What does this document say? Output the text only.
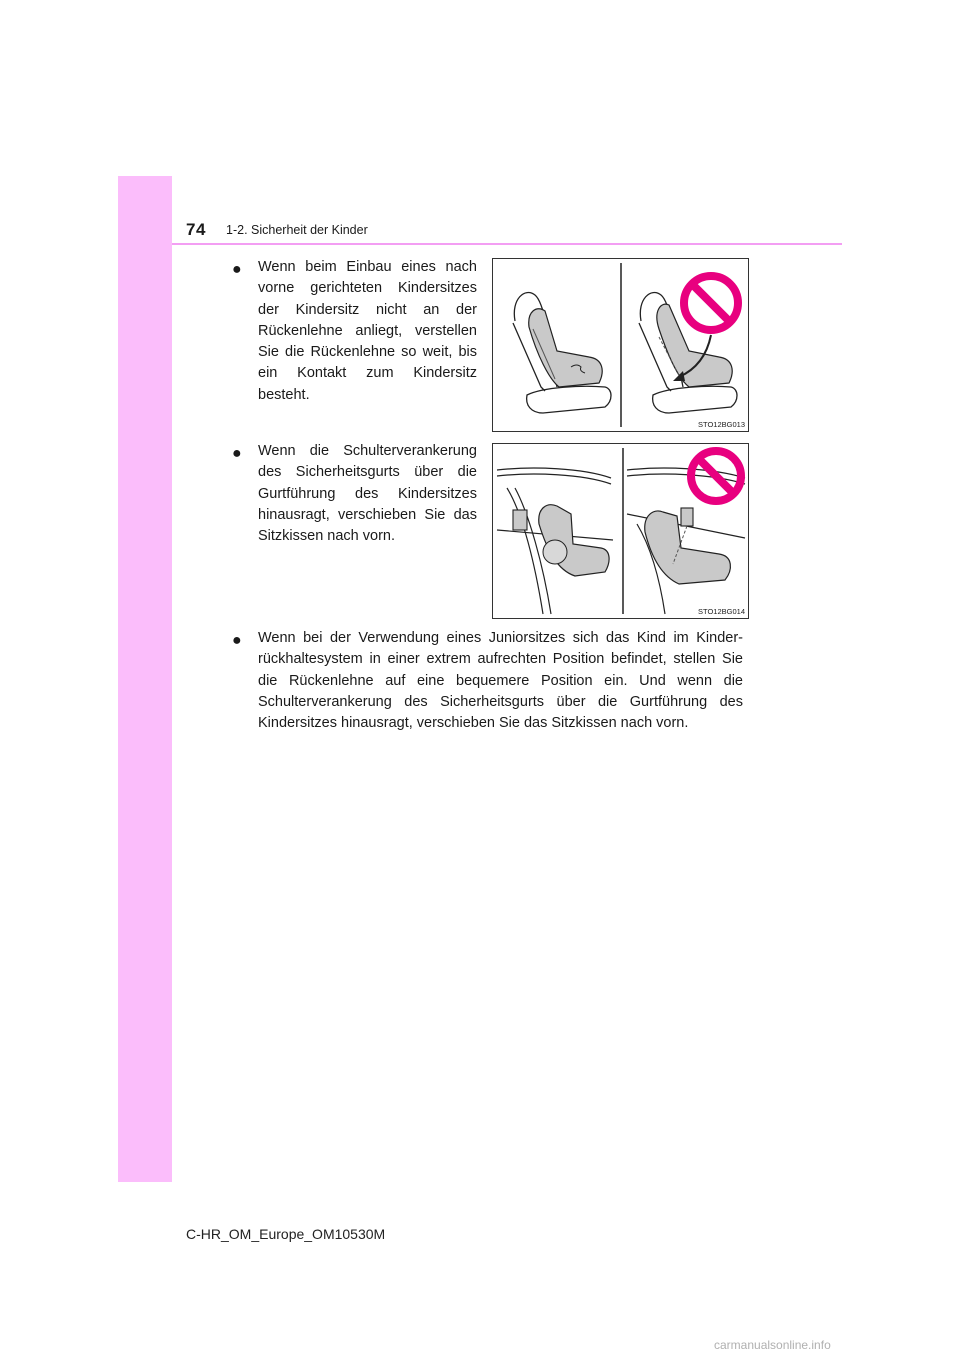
74 1-2. Sicherheit der Kinder
● Wenn beim Einbau eines nach vorne gerichteten Kindersitzes der Kindersitz nicht an der Rückenlehne anliegt, verstellen Sie die Rückenlehne so weit, bis ein Kontakt zum Kindersitz besteht.
STO12BG013
● Wenn die Schulterverankerung des Sicherheitsgurts über die Gurtführung des Kindersitzes hinausragt, verschieben Sie das Sitzkissen nach vorn.
STO12BG014
● Wenn bei der Verwendung eines Juniorsitzes sich das Kind im Kinderrückhaltesystem in einer extrem aufrechten Position befindet, stellen Sie die Rückenlehne auf eine bequemere Position ein. Und wenn die Schulterverankerung des Sicherheitsgurts über die Gurtführung des Kindersitzes hinausragt, verschieben Sie das Sitzkissen nach vorn.
C-HR_OM_Europe_OM10530M
carmanualsonline.info
